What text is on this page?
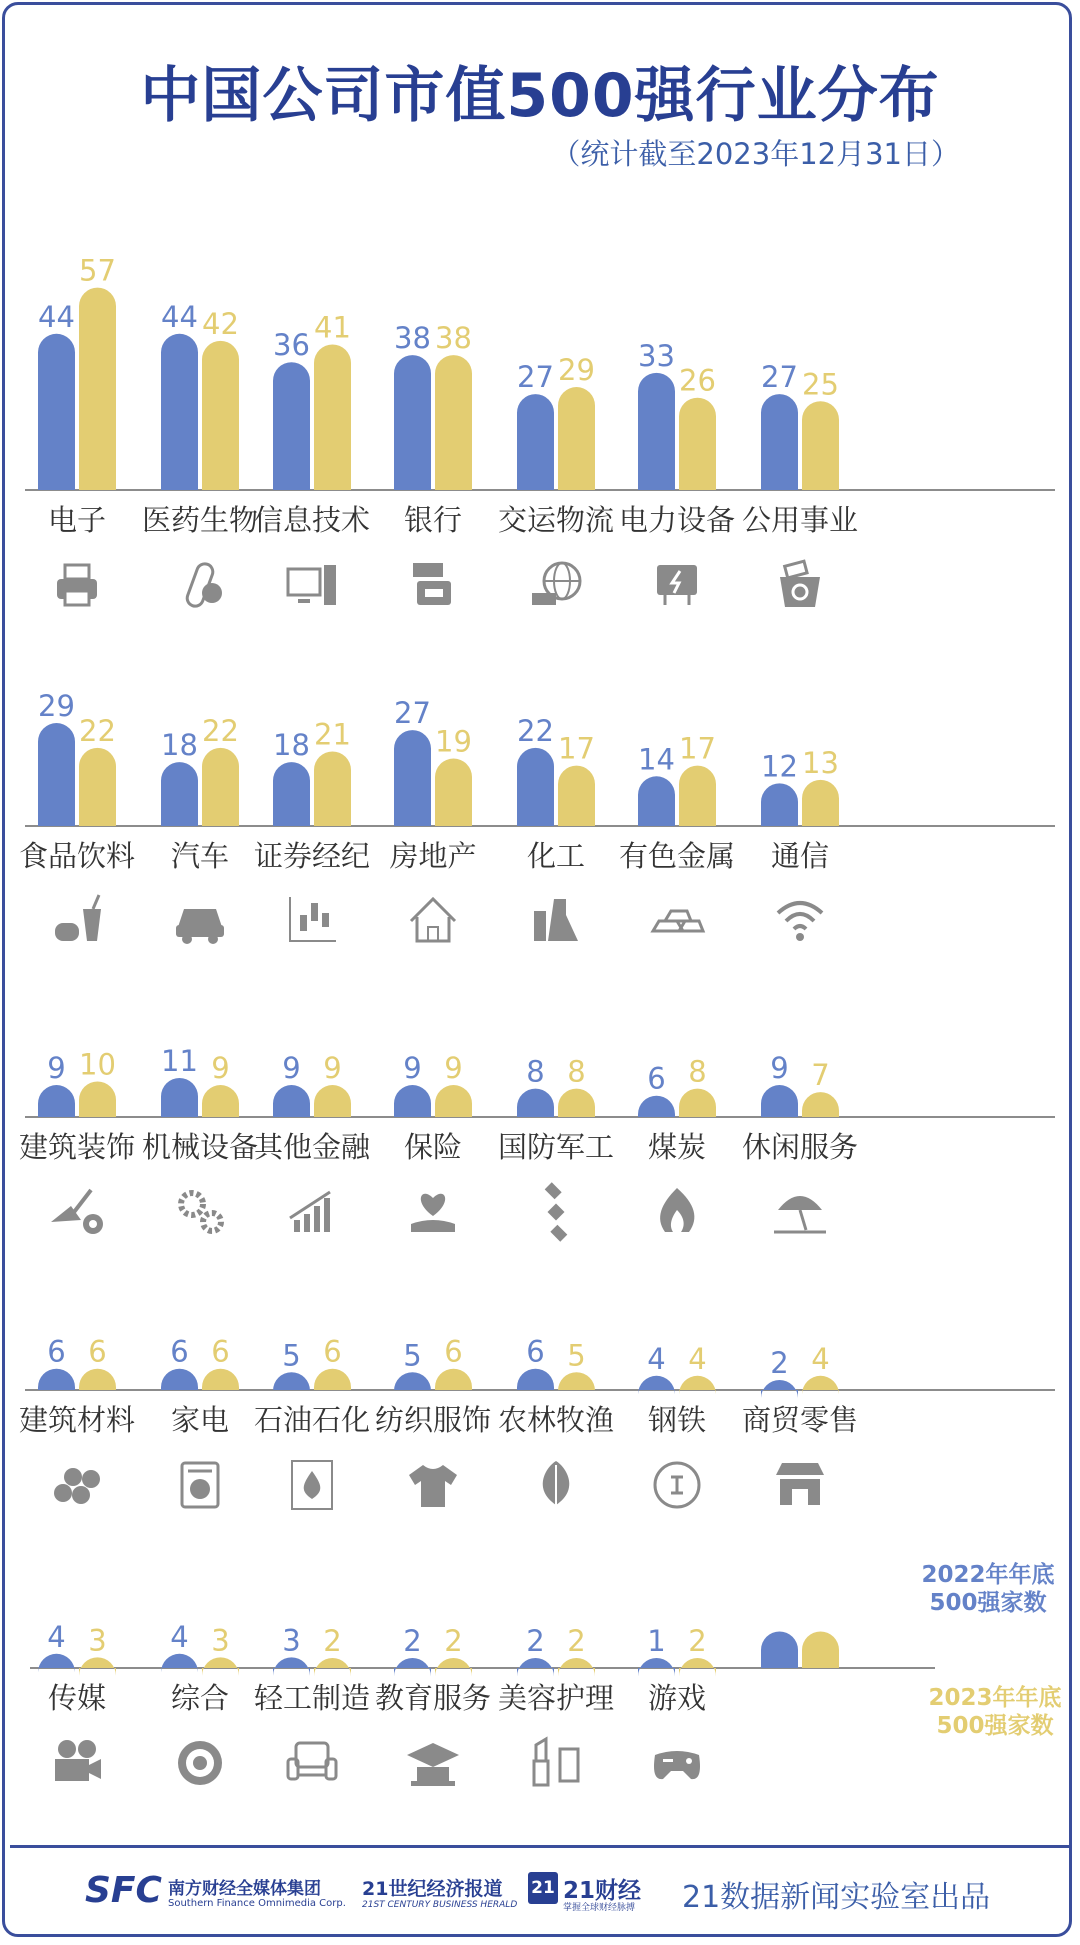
中国公司市值500强行业分布
（统计截至2023年12月31日）
44
57
电子
44 42
医药生物
36
41
信息技术
38 38
银行
27 29
交运物流
33
26
电力设备
27 25
公用事业
29
22
食品饮料
18 22
汽车
18 21
证券经纪
27
19
房地产
22
17
化工
14 17
有色金属
12 13
通信
9 10
建筑装饰
11 9
机械设备
9 9
其他金融
9 9
保险
8 8
国防军工
6 8
煤炭
9 7
休闲服务
6 6
建筑材料
6 6
家电
5 6
石油石化
5 6
纺织服饰
6 5
农林牧渔
4 4
钢铁
2 4
商贸零售
4 3
传媒
4 3
综合
3 2
轻工制造
2 2
教育服务
2 2
美容护理
1 2
游戏
2022年年底
500强家数
2023年年底
500强家数
SFC 南方财经全媒体集团
Southern Finance Omnimedia Corp.
21世纪经济报道
21ST CENTURY BUSINESS HERALD
21 21财经
掌握全球财经脉搏 21数据新闻实验室出品
